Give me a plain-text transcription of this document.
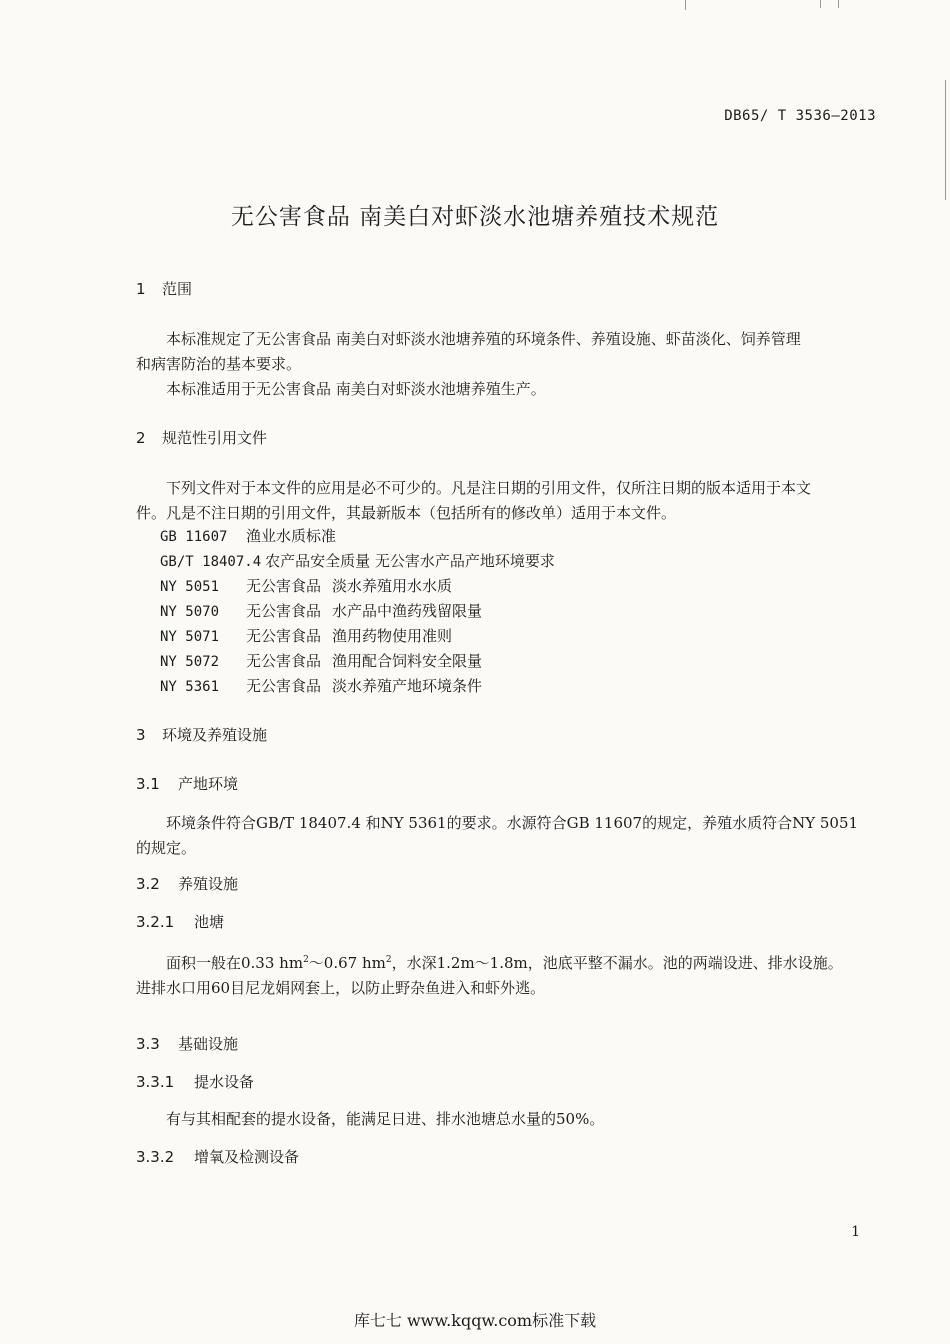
DB65/ T 3536—2013
无公害食品 南美白对虾淡水池塘养殖技术规范
1 范围
本标准规定了无公害食品 南美白对虾淡水池塘养殖的环境条件、养殖设施、虾苗淡化、饲养管理
和病害防治的基本要求。
本标准适用于无公害食品 南美白对虾淡水池塘养殖生产。
2 规范性引用文件
下列文件对于本文件的应用是必不可少的。凡是注日期的引用文件，仅所注日期的版本适用于本文
件。凡是不注日期的引用文件，其最新版本（包括所有的修改单）适用于本文件。
GB 11607 渔业水质标准
GB/T 18407.4 农产品安全质量 无公害水产品产地环境要求
NY 5051 无公害食品 淡水养殖用水水质
NY 5070 无公害食品 水产品中渔药残留限量
NY 5071 无公害食品 渔用药物使用准则
NY 5072 无公害食品 渔用配合饲料安全限量
NY 5361 无公害食品 淡水养殖产地环境条件
3 环境及养殖设施
3.1 产地环境
环境条件符合GB/T 18407.4 和NY 5361的要求。水源符合GB 11607的规定，养殖水质符合NY 5051
的规定。
3.2 养殖设施
3.2.1 池塘
面积一般在0.33 $hm^2\sim 0.67$ $hm^2$，水深1.2m～1.8m，池底平整不漏水。池的两端设进、排水设施。
进排水口用60目尼龙娟网套上，以防止野杂鱼进入和虾外逃。
3.3 基础设施
3.3.1 提水设备
有与其相配套的提水设备，能满足日进、排水池塘总水量的50%。
3.3.2 增氧及检测设备
1
库七七 www.kqqw.com标准下载
